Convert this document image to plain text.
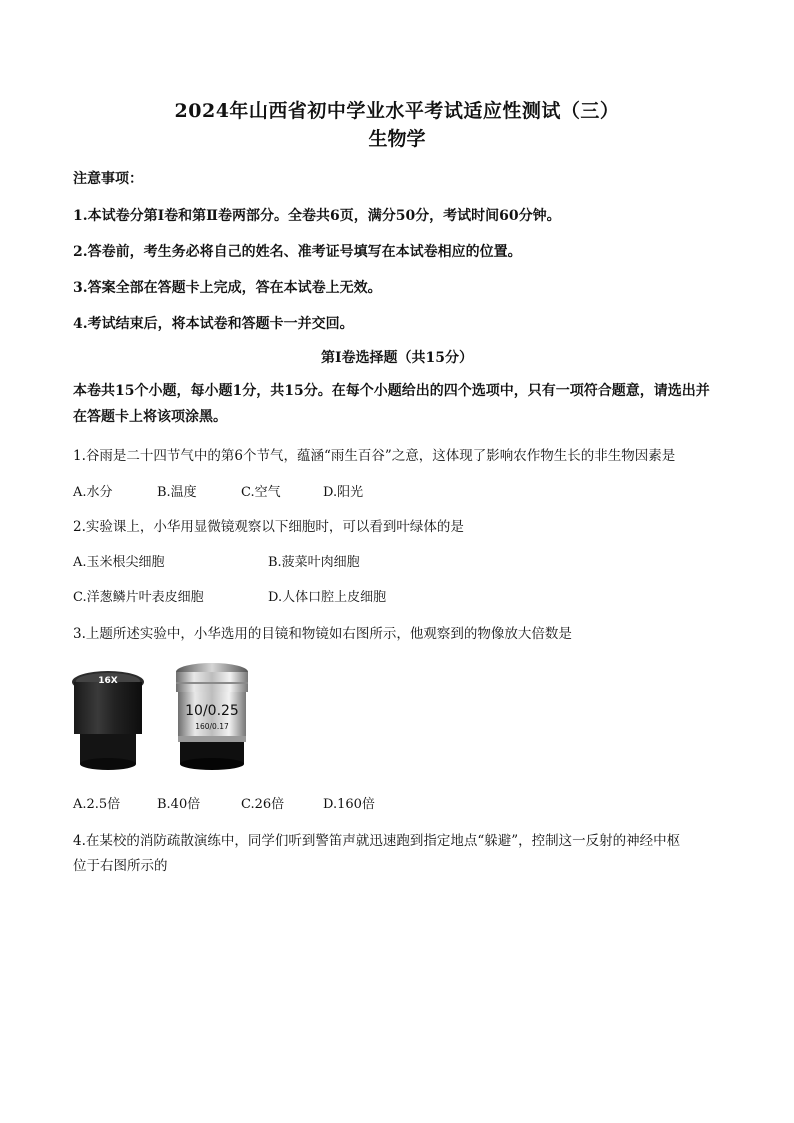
2024年山西省初中学业水平考试适应性测试（三）
生物学
注意事项：
1.本试卷分第Ⅰ卷和第Ⅱ卷两部分。全卷共6页，满分50分，考试时间60分钟。
2.答卷前，考生务必将自己的姓名、准考证号填写在本试卷相应的位置。
3.答案全部在答题卡上完成，答在本试卷上无效。
4.考试结束后，将本试卷和答题卡一并交回。
第Ⅰ卷选择题（共15分）
本卷共15个小题，每小题1分，共15分。在每个小题给出的四个选项中，只有一项符合题意，请选出并在答题卡上将该项涂黑。
1.谷雨是二十四节气中的第6个节气，蕴涵“雨生百谷”之意，这体现了影响农作物生长的非生物因素是
A.水分	B.温度	C.空气	D.阳光
2.实验课上，小华用显微镜观察以下细胞时，可以看到叶绿体的是
A.玉米根尖细胞	B.菠菜叶肉细胞
C.洋葱鳞片叶表皮细胞	D.人体口腔上皮细胞
3.上题所述实验中，小华选用的目镜和物镜如右图所示，他观察到的物像放大倍数是
16X
10/0.25
160/0.17
A.2.5倍	B.40倍	C.26倍	D.160倍
4.在某校的消防疏散演练中，同学们听到警笛声就迅速跑到指定地点“躲避”，控制这一反射的神经中枢
位于右图所示的
